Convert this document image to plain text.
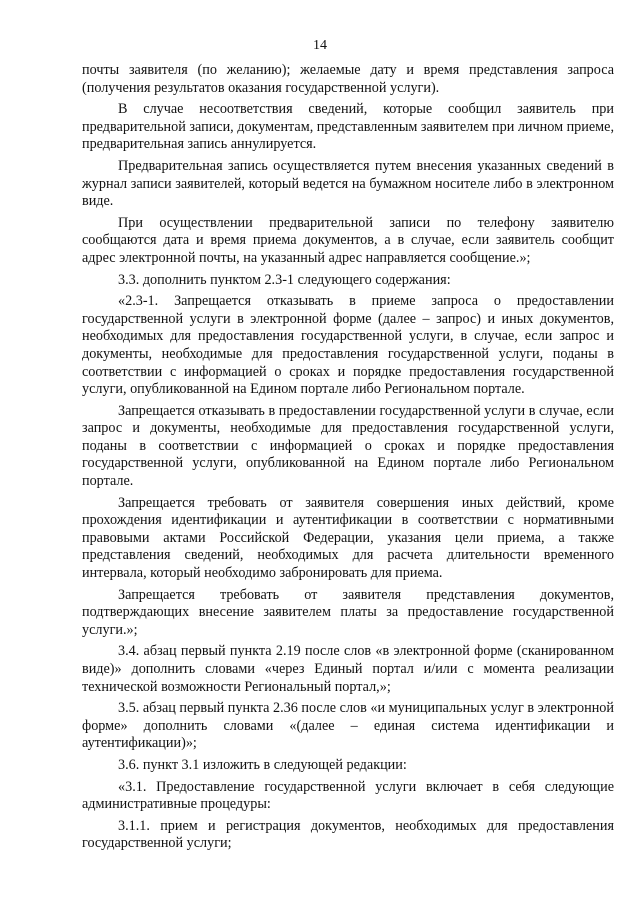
14

почты заявителя (по желанию); желаемые дату и время представления запроса (получения результатов оказания государственной услуги).

В случае несоответствия сведений, которые сообщил заявитель при предварительной записи, документам, представленным заявителем при личном приеме, предварительная запись аннулируется.

Предварительная запись осуществляется путем внесения указанных сведений в журнал записи заявителей, который ведется на бумажном носителе либо в электронном виде.

При осуществлении предварительной записи по телефону заявителю сообщаются дата и время приема документов, а в случае, если заявитель сообщит адрес электронной почты, на указанный адрес направляется сообщение.»;

3.3. дополнить пунктом 2.3-1 следующего содержания:

«2.3-1. Запрещается отказывать в приеме запроса о предоставлении государственной услуги в электронной форме (далее – запрос) и иных документов, необходимых для предоставления государственной услуги, в случае, если запрос и документы, необходимые для предоставления государственной услуги, поданы в соответствии с информацией о сроках и порядке предоставления государственной услуги, опубликованной на Едином портале либо Региональном портале.

Запрещается отказывать в предоставлении государственной услуги в случае, если запрос и документы, необходимые для предоставления государственной услуги, поданы в соответствии с информацией о сроках и порядке предоставления государственной услуги, опубликованной на Едином портале либо Региональном портале.

Запрещается требовать от заявителя совершения иных действий, кроме прохождения идентификации и аутентификации в соответствии с нормативными правовыми актами Российской Федерации, указания цели приема, а также представления сведений, необходимых для расчета длительности временного интервала, который необходимо забронировать для приема.

Запрещается требовать от заявителя представления документов, подтверждающих внесение заявителем платы за предоставление государственной услуги.»;

3.4. абзац первый пункта 2.19 после слов «в электронной форме (сканированном виде)» дополнить словами «через Единый портал и/или с момента реализации технической возможности Региональный портал,»;

3.5. абзац первый пункта 2.36 после слов «и муниципальных услуг в электронной форме» дополнить словами «(далее – единая система идентификации и аутентификации)»;

3.6. пункт 3.1 изложить в следующей редакции:

«3.1. Предоставление государственной услуги включает в себя следующие административные процедуры:

3.1.1. прием и регистрация документов, необходимых для предоставления государственной услуги;
